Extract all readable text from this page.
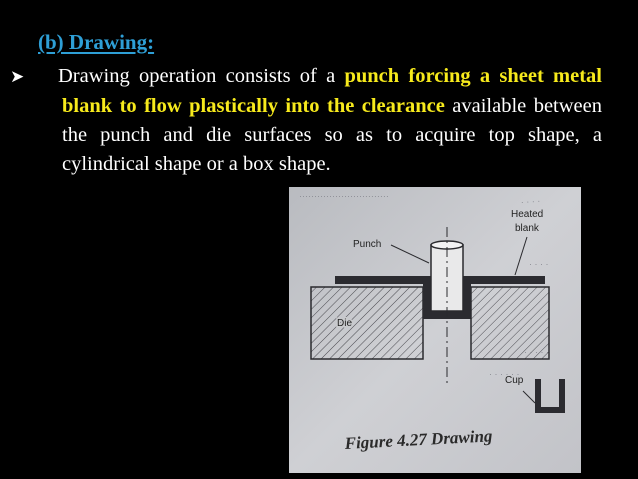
(b) Drawing:

➤ Drawing operation consists of a punch forcing a sheet metal blank to flow plastically into the clearance available between the punch and die surfaces so as to acquire top shape, a cylindrical shape or a box shape.

······························	· · · ·
· · · ·
· · · · · ·
Punch
Heated
blank
Die
Cup
Figure 4.27 Drawing
